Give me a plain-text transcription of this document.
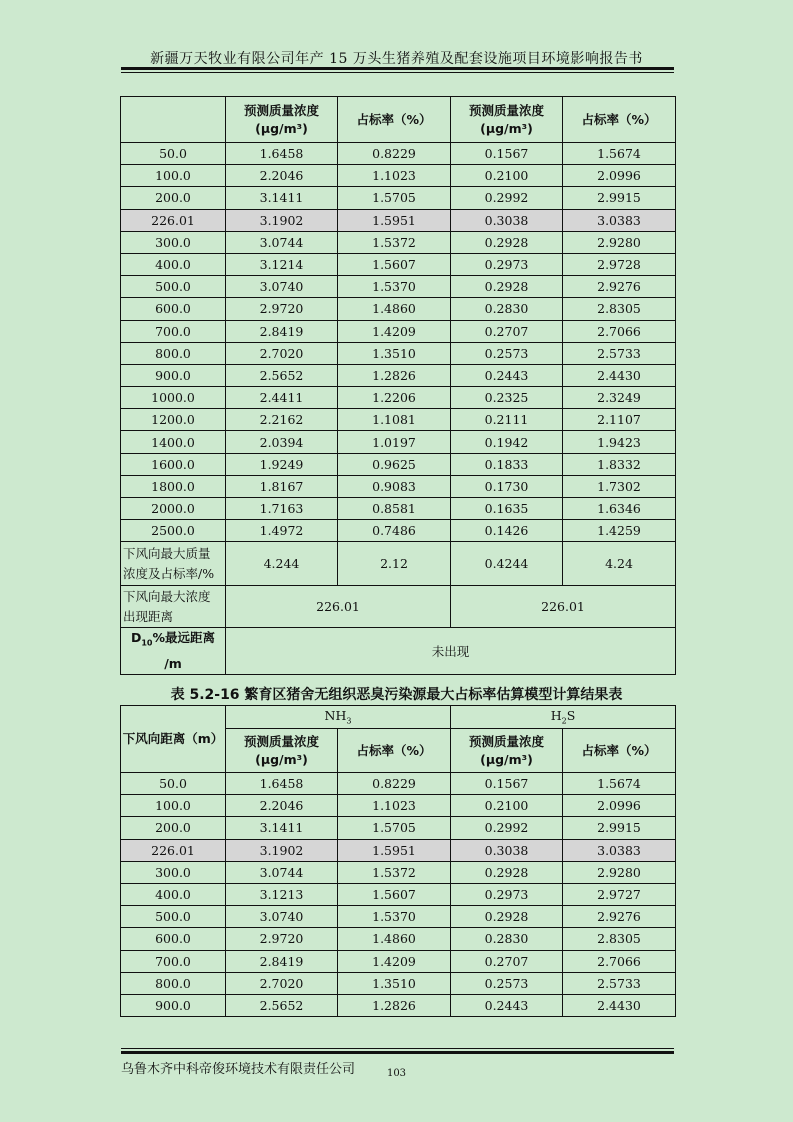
新疆万天牧业有限公司年产 15 万头生猪养殖及配套设施项目环境影响报告书
	预测质量浓度
(μg/m³)	占标率（%）	预测质量浓度
(μg/m³)	占标率（%）
50.0	1.6458	0.8229	0.1567	1.5674
100.0	2.2046	1.1023	0.2100	2.0996
200.0	3.1411	1.5705	0.2992	2.9915
226.01	3.1902	1.5951	0.3038	3.0383
300.0	3.0744	1.5372	0.2928	2.9280
400.0	3.1214	1.5607	0.2973	2.9728
500.0	3.0740	1.5370	0.2928	2.9276
600.0	2.9720	1.4860	0.2830	2.8305
700.0	2.8419	1.4209	0.2707	2.7066
800.0	2.7020	1.3510	0.2573	2.5733
900.0	2.5652	1.2826	0.2443	2.4430
1000.0	2.4411	1.2206	0.2325	2.3249
1200.0	2.2162	1.1081	0.2111	2.1107
1400.0	2.0394	1.0197	0.1942	1.9423
1600.0	1.9249	0.9625	0.1833	1.8332
1800.0	1.8167	0.9083	0.1730	1.7302
2000.0	1.7163	0.8581	0.1635	1.6346
2500.0	1.4972	0.7486	0.1426	1.4259
下风向最大质量
浓度及占标率/%	4.244	2.12	0.4244	4.24
下风向最大浓度
出现距离	226.01		226.01	
$D_{10}\%$最远距离
/m	未出现			
表 5.2-16 繁育区猪舍无组织恶臭污染源最大占标率估算模型计算结果表
下风向距离（m）	$NH_3$		$H_2S$	
	预测质量浓度
(μg/m³)	占标率（%）	预测质量浓度
(μg/m³)	占标率（%）
50.0	1.6458	0.8229	0.1567	1.5674
100.0	2.2046	1.1023	0.2100	2.0996
200.0	3.1411	1.5705	0.2992	2.9915
226.01	3.1902	1.5951	0.3038	3.0383
300.0	3.0744	1.5372	0.2928	2.9280
400.0	3.1213	1.5607	0.2973	2.9727
500.0	3.0740	1.5370	0.2928	2.9276
600.0	2.9720	1.4860	0.2830	2.8305
700.0	2.8419	1.4209	0.2707	2.7066
800.0	2.7020	1.3510	0.2573	2.5733
900.0	2.5652	1.2826	0.2443	2.4430
乌鲁木齐中科帝俊环境技术有限责任公司	103
